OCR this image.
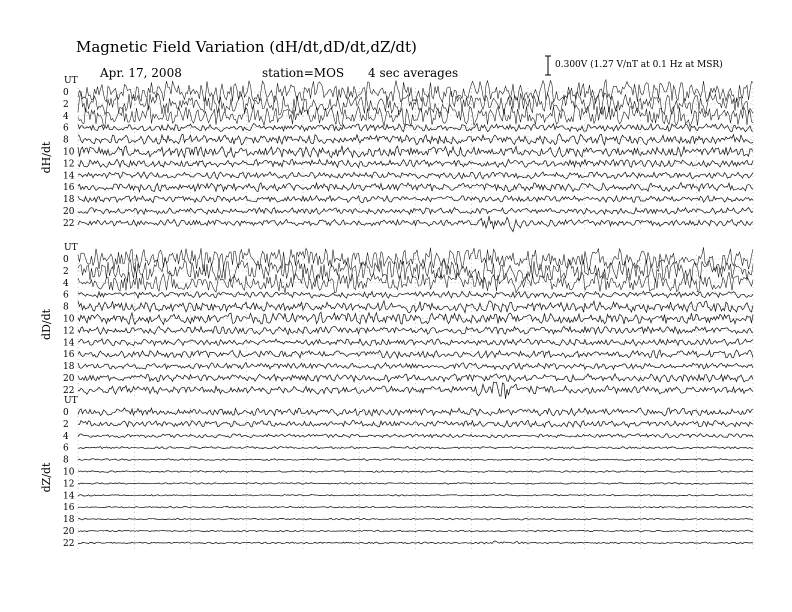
Magnetic Field Variation (dH/dt,dD/dt,dZ/dt)
Apr. 17, 2008	station=MOS 4 sec averages
0.300V (1.27 V/nT at 0.1 Hz at MSR)
UT
dH/dt
0
2
4
6
8
10
12
14
16
18
20
22
UT
dD/dt
0
2
4
6
8
10
12
14
16
18
20
22
UT
dZ/dt
0
2
4
6
8
10
12
14
16
18
20
22
